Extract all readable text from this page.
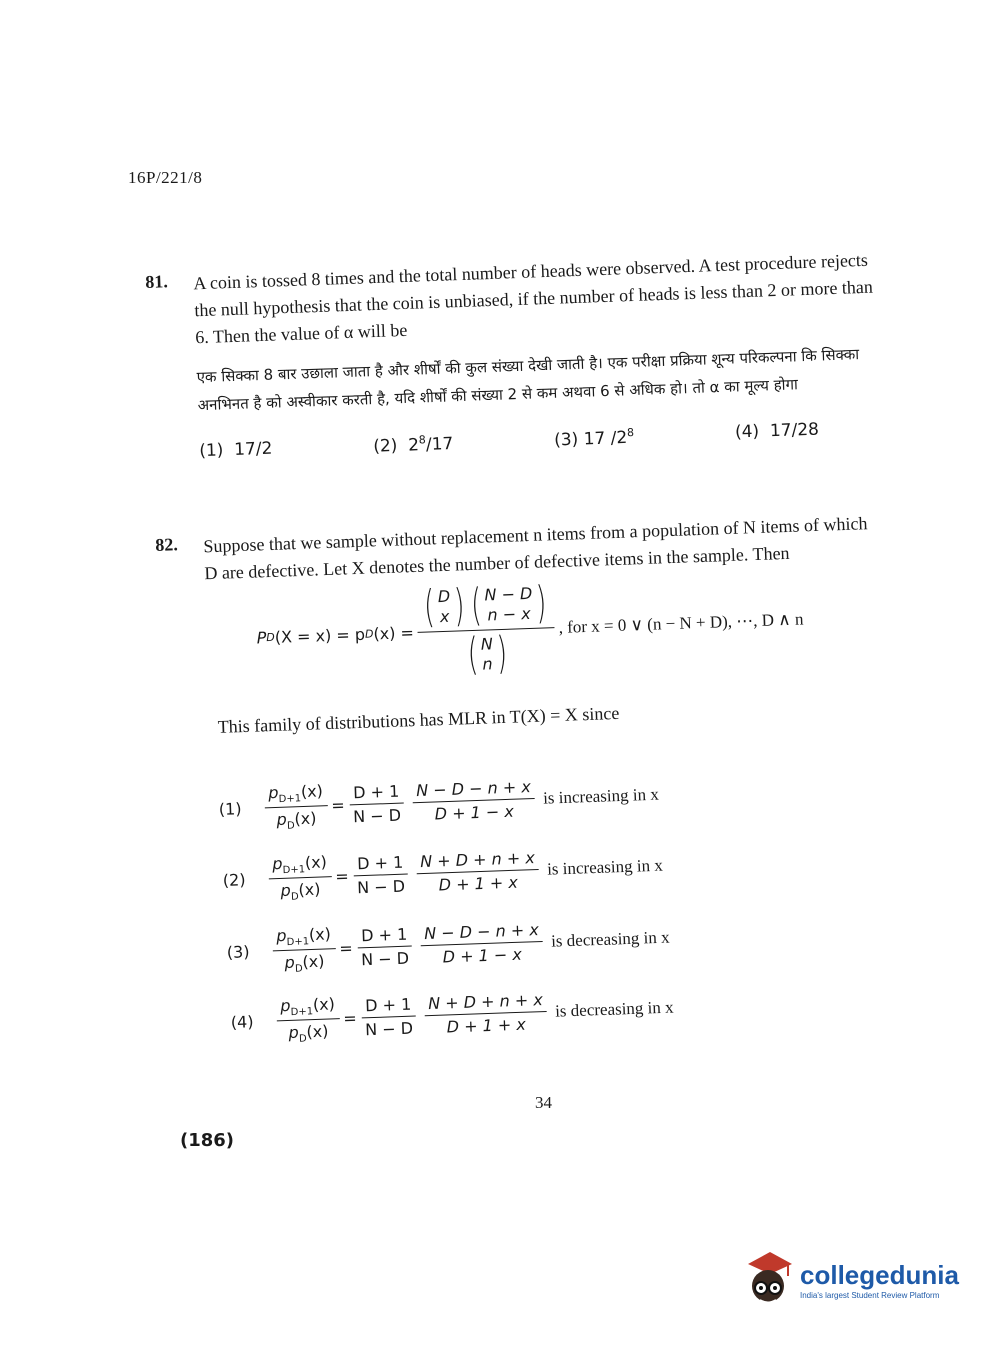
16P/221/8
81.	A coin is tossed 8 times and the total number of heads were observed. A test procedure rejects the null hypothesis that the coin is unbiased, if the number of heads is less than 2 or more than 6. Then the value of α will be
एक सिक्का 8 बार उछाला जाता है और शीर्षों की कुल संख्या देखी जाती है। एक परीक्षा प्रक्रिया शून्य परिकल्पना कि सिक्का अनभिनत है को अस्वीकार करती है, यदि शीर्षों की संख्या 2 से कम अथवा 6 से अधिक हो। तो α का मूल्य होगा
(1) 17/2	(2) $2^8/17$	(3) 17 $/2^8$	(4) 17/28
82.	Suppose that we sample without replacement n items from a population of N items of which D are defective. Let X denotes the number of defective items in the sample. Then
P D (X = x) = p D (x) = ( D
x ) ( N − D
n − x )
( N
n ) , for x = 0 ∨ (n − N + D), ⋯, D ∧ n
This family of distributions has MLR in T(X) = X since
(1)	$\frac{p_{D+1}(x)}{p_D(x)} = \frac{D + 1}{N - D} \frac{N - D - n + x}{D + 1 - x}$ is increasing in x
(2)	$\frac{p_{D+1}(x)}{p_D(x)} = \frac{D + 1}{N - D} \frac{N + D + n + x}{D + 1 + x}$ is increasing in x
(3)	$\frac{p_{D+1}(x)}{p_D(x)} = \frac{D + 1}{N - D} \frac{N - D - n + x}{D + 1 - x}$ is decreasing in x
(4)	$\frac{p_{D+1}(x)}{p_D(x)} = \frac{D + 1}{N - D} \frac{N + D + n + x}{D + 1 + x}$ is decreasing in x
34
(186)
collegedunia
India's largest Student Review Platform
